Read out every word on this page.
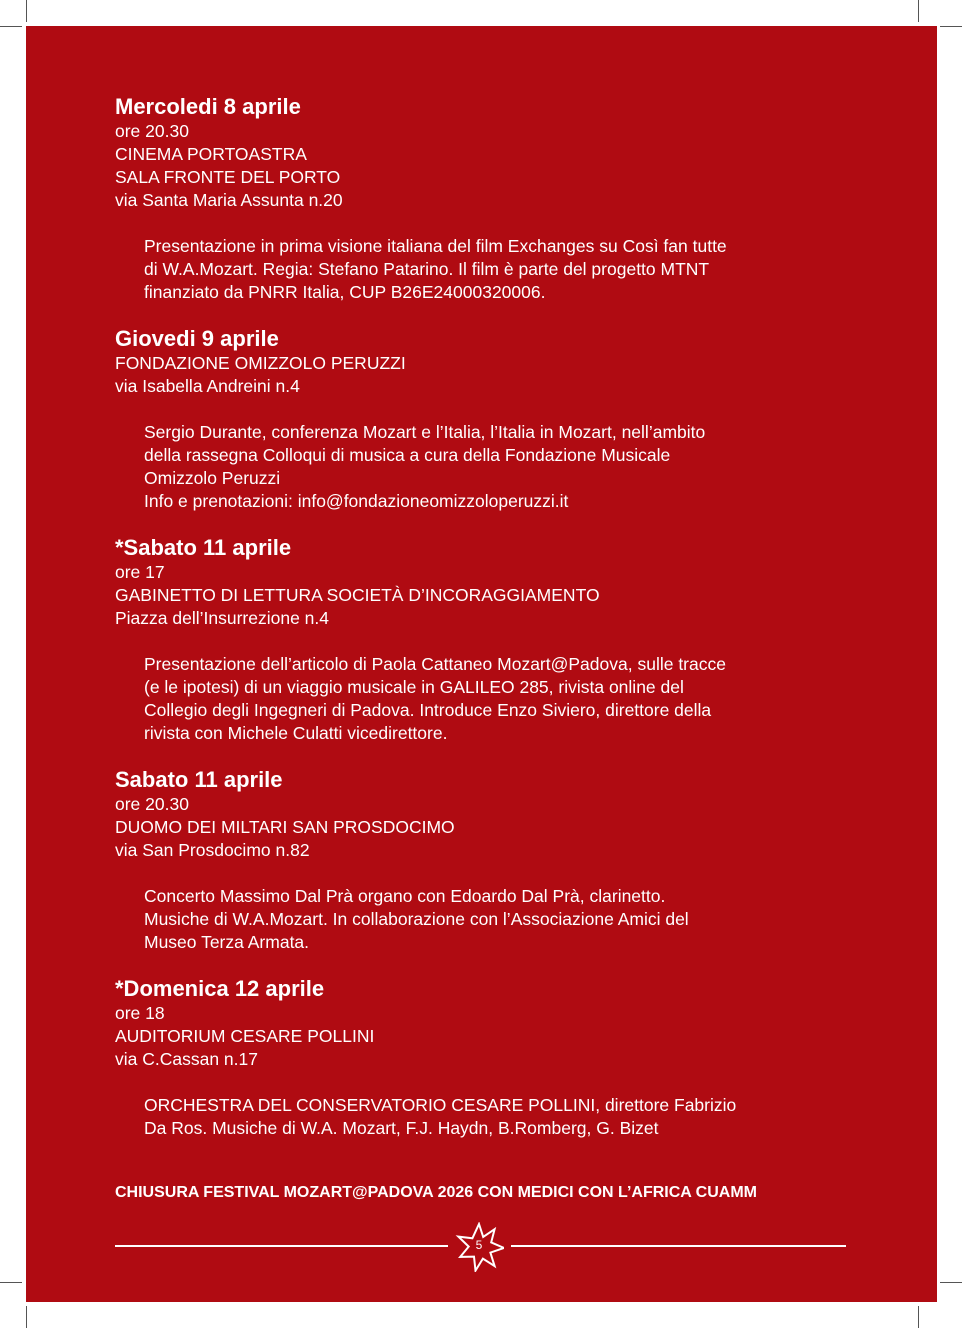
Mercoledi 8 aprile
ore 20.30
CINEMA PORTOASTRA
SALA FRONTE DEL PORTO
via Santa Maria Assunta n.20
Presentazione in prima visione italiana del film Exchanges su Così fan tutte
di W.A.Mozart. Regia: Stefano Patarino. Il film è parte del progetto MTNT
finanziato da PNRR Italia, CUP B26E24000320006.
Giovedi 9 aprile
FONDAZIONE OMIZZOLO PERUZZI
via Isabella Andreini n.4
Sergio Durante, conferenza Mozart e l’Italia, l’Italia in Mozart, nell’ambito
della rassegna Colloqui di musica a cura della Fondazione Musicale
Omizzolo Peruzzi
Info e prenotazioni: info@fondazioneomizzoloperuzzi.it
*Sabato 11 aprile
ore 17
GABINETTO DI LETTURA SOCIETÀ D’INCORAGGIAMENTO
Piazza dell’Insurrezione n.4
Presentazione dell’articolo di Paola Cattaneo Mozart@Padova, sulle tracce
(e le ipotesi) di un viaggio musicale in GALILEO 285, rivista online del
Collegio degli Ingegneri di Padova. Introduce Enzo Siviero, direttore della
rivista con Michele Culatti vicedirettore.
Sabato 11 aprile
ore 20.30
DUOMO DEI MILTARI SAN PROSDOCIMO
via San Prosdocimo n.82
Concerto Massimo Dal Prà organo con Edoardo Dal Prà, clarinetto.
Musiche di W.A.Mozart. In collaborazione con l’Associazione Amici del
Museo Terza Armata.
*Domenica 12 aprile
ore 18
AUDITORIUM CESARE POLLINI
via C.Cassan n.17
ORCHESTRA DEL CONSERVATORIO CESARE POLLINI, direttore Fabrizio
Da Ros. Musiche di W.A. Mozart, F.J. Haydn, B.Romberg, G. Bizet
CHIUSURA FESTIVAL MOZART@PADOVA 2026 CON MEDICI CON L’AFRICA CUAMM
5
